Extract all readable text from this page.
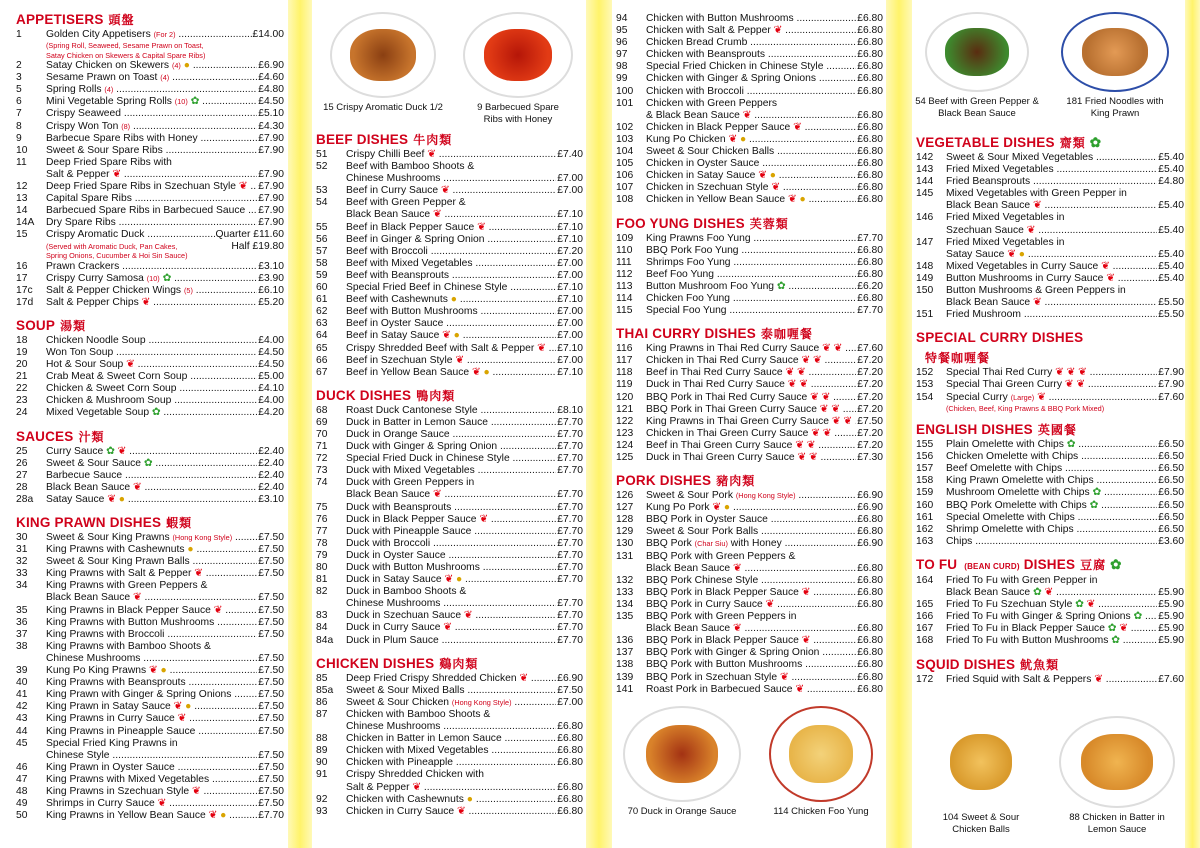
APPETISERS 頭盤
1	Golden City Appetisers (For 2) .....	£14.00
(Spring Roll, Seaweed, Sesame Prawn on Toast,
Satay Chicken on Skewers & Capital Spare Ribs)
2	Satay Chicken on Skewers (4) ● .....	£6.90
3	Sesame Prawn on Toast (4) .....	£4.60
5	Spring Rolls (4) .....	£4.80
6	Mini Vegetable Spring Rolls (10) ✿ .....	£4.50
7	Crispy Seaweed .....	£5.10
8	Crispy Won Ton (8) .....	£4.30
9	Barbecue Spare Ribs with Honey .....	£7.90
10	Sweet & Sour Spare Ribs .....	£7.90
11	Deep Fried Spare Ribs with
Salt & Pepper ❦ .....	£7.90
12	Deep Fried Spare Ribs in Szechuan Style ❦ .....	£7.90
13	Capital Spare Ribs .....	£7.90
14	Barbecued Spare Ribs in Barbecued Sauce .....	£7.90
14A	Dry Spare Ribs .....	£7.90
15	Crispy Aromatic Duck .....	Quarter £11.60
(Served with Aromatic Duck, Pan Cakes,	Half £19.80
Spring Onions, Cucumber & Hoi Sin Sauce)
16	Prawn Crackers .....	£3.10
17	Crispy Curry Samosa (10) ✿ .....	£3.90
17c	Salt & Pepper Chicken Wings (5) .....	£6.10
17d	Salt & Pepper Chips ❦ .....	£5.20
SOUP 湯類
18	Chicken Noodle Soup .....	£4.00
19	Won Ton Soup .....	£4.50
20	Hot & Sour Soup ❦ .....	£4.50
21	Crab Meat & Sweet Corn Soup .....	£5.00
22	Chicken & Sweet Corn Soup .....	£4.10
23	Chicken & Mushroom Soup .....	£4.00
24	Mixed Vegetable Soup ✿ .....	£4.20
SAUCES 汁類
25	Curry Sauce ✿ ❦ .....	£2.40
26	Sweet & Sour Sauce ✿ .....	£2.40
27	Barbecue Sauce .....	£2.40
28	Black Bean Sauce ❦ .....	£2.40
28a	Satay Sauce ❦ ● .....	£3.10
KING PRAWN DISHES 蝦類
30	Sweet & Sour King Prawns (Hong Kong Style) .....	£7.50
31	King Prawns with Cashewnuts ● .....	£7.50
32	Sweet & Sour King Prawn Balls .....	£7.50
33	King Prawns with Salt & Pepper ❦ .....	£7.50
34	King Prawns with Green Peppers &
Black Bean Sauce ❦ .....	£7.50
35	King Prawns in Black Pepper Sauce ❦ .....	£7.50
36	King Prawns with Button Mushrooms .....	£7.50
37	King Prawns with Broccoli .....	£7.50
38	King Prawns with Bamboo Shoots &
Chinese Mushrooms .....	£7.50
39	Kung Po King Prawns ❦ ● .....	£7.50
40	King Prawns with Beansprouts .....	£7.50
41	King Prawn with Ginger & Spring Onions .....	£7.50
42	King Prawn in Satay Sauce ❦ ● .....	£7.50
43	King Prawns in Curry Sauce ❦ .....	£7.50
44	King Prawns in Pineapple Sauce .....	£7.50
45	Special Fried King Prawns in
Chinese Style .....	£7.50
46	King Prawn in Oyster Sauce .....	£7.50
47	King Prawns with Mixed Vegetables .....	£7.50
48	King Prawns in Szechuan Style ❦ .....	£7.50
49	Shrimps in Curry Sauce ❦ .....	£7.50
50	King Prawns in Yellow Bean Sauce ❦ ● .....	£7.70
BEEF DISHES 牛肉類
51	Crispy Chilli Beef ❦ .....	£7.40
52	Beef with Bamboo Shoots &
Chinese Mushrooms .....	£7.00
53	Beef in Curry Sauce ❦ .....	£7.00
54	Beef with Green Pepper &
Black Bean Sauce ❦ .....	£7.10
55	Beef in Black Pepper Sauce ❦ .....	£7.10
56	Beef in Ginger & Spring Onion .....	£7.10
57	Beef with Broccoli .....	£7.20
58	Beef with Mixed Vegetables .....	£7.00
59	Beef with Beansprouts .....	£7.00
60	Special Fried Beef in Chinese Style .....	£7.10
61	Beef with Cashewnuts ● .....	£7.10
62	Beef with Button Mushrooms .....	£7.00
63	Beef in Oyster Sauce .....	£7.00
64	Beef in Satay Sauce ❦ ● .....	£7.00
65	Crispy Shredded Beef with Salt & Pepper ❦ .....	£7.10
66	Beef in Szechuan Style ❦ .....	£7.00
67	Beef in Yellow Bean Sauce ❦ ● .....	£7.10
DUCK DISHES 鴨肉類
68	Roast Duck Cantonese Style .....	£8.10
69	Duck in Batter in Lemon Sauce .....	£7.70
70	Duck in Orange Sauce .....	£7.70
71	Duck with Ginger & Spring Onion .....	£7.70
72	Special Fried Duck in Chinese Style .....	£7.70
73	Duck with Mixed Vegetables .....	£7.70
74	Duck with Green Peppers in
Black Bean Sauce ❦ .....	£7.70
75	Duck with Beansprouts .....	£7.70
76	Duck in Black Pepper Sauce ❦ .....	£7.70
77	Duck with Pineapple Sauce .....	£7.70
78	Duck with Broccoli .....	£7.70
79	Duck in Oyster Sauce .....	£7.70
80	Duck with Button Mushrooms .....	£7.70
81	Duck in Satay Sauce ❦ ● .....	£7.70
82	Duck in Bamboo Shoots &
Chinese Mushrooms .....	£7.70
83	Duck in Szechuan Sauce ❦ .....	£7.70
84	Duck in Curry Sauce ❦ .....	£7.70
84a	Duck in Plum Sauce .....	£7.70
CHICKEN DISHES 鷄肉類
85	Deep Fried Crispy Shredded Chicken ❦ .....	£6.90
85a	Sweet & Sour Mixed Balls .....	£7.50
86	Sweet & Sour Chicken (Hong Kong Style) .....	£7.00
87	Chicken with Bamboo Shoots &
Chinese Mushrooms .....	£6.80
88	Chicken in Batter in Lemon Sauce .....	£6.80
89	Chicken with Mixed Vegetables .....	£6.80
90	Chicken with Pineapple .....	£6.80
91	Crispy Shredded Chicken with
Salt & Pepper ❦ .....	£6.80
92	Chicken with Cashewnuts ● .....	£6.80
93	Chicken in Curry Sauce ❦ .....	£6.80
94	Chicken with Button Mushrooms .....	£6.80
95	Chicken with Salt & Pepper ❦ .....	£6.80
96	Chicken Bread Crumb .....	£6.80
97	Chicken with Beansprouts .....	£6.80
98	Special Fried Chicken in Chinese Style .....	£6.80
99	Chicken with Ginger & Spring Onions .....	£6.80
100	Chicken with Broccoli .....	£6.80
101	Chicken with Green Peppers
& Black Bean Sauce ❦ .....	£6.80
102	Chicken in Black Pepper Sauce ❦ .....	£6.80
103	Kung Po Chicken ❦ ● .....	£6.80
104	Sweet & Sour Chicken Balls .....	£6.80
105	Chicken in Oyster Sauce .....	£6.80
106	Chicken in Satay Sauce ❦ ● .....	£6.80
107	Chicken in Szechuan Style ❦ .....	£6.80
108	Chicken in Yellow Bean Sauce ❦ ● .....	£6.80
FOO YUNG DISHES 芙蓉類
109	King Prawns Foo Yung .....	£7.70
110	BBQ Pork Foo Yung .....	£6.80
111	Shrimps Foo Yung .....	£6.80
112	Beef Foo Yung .....	£6.80
113	Button Mushroom Foo Yung ✿ .....	£6.20
114	Chicken Foo Yung .....	£6.80
115	Special Foo Yung .....	£7.70
THAI CURRY DISHES 泰咖喱餐
116	King Prawns in Thai Red Curry Sauce ❦ ❦ .....	£7.60
117	Chicken in Thai Red Curry Sauce ❦ ❦ .....	£7.20
118	Beef in Thai Red Curry Sauce ❦ ❦ .....	£7.20
119	Duck in Thai Red Curry Sauce ❦ ❦ .....	£7.20
120	BBQ Pork in Thai Red Curry Sauce ❦ ❦ .....	£7.20
121	BBQ Pork in Thai Green Curry Sauce ❦ ❦ .....	£7.20
122	King Prawns in Thai Green Curry Sauce ❦ ❦ ..... £7.50
123	Chicken in Thai Green Curry Sauce ❦ ❦ .....	£7.20
124	Beef in Thai Green Curry Sauce ❦ ❦ .....	£7.20
125	Duck in Thai Green Curry Sauce ❦ ❦ .....	£7.30
PORK DISHES 豬肉類
126	Sweet & Sour Pork (Hong Kong Style) .....	£6.90
127	Kung Po Pork ❦ ● .....	£6.90
128	BBQ Pork in Oyster Sauce .....	£6.80
129	Sweet & Sour Pork Balls .....	£6.80
130	BBQ Pork (Char Siu) with Honey .....	£6.90
131	BBQ Pork with Green Peppers &
Black Bean Sauce ❦ .....	£6.80
132	BBQ Pork Chinese Style .....	£6.80
133	BBQ Pork in Black Pepper Sauce ❦ .....	£6.80
134	BBQ Pork in Curry Sauce ❦ .....	£6.80
135	BBQ Pork with Green Peppers in
Black Bean Sauce ❦ .....	£6.80
136	BBQ Pork in Black Pepper Sauce ❦ .....	£6.80
137	BBQ Pork with Ginger & Spring Onion .....	£6.80
138	BBQ Pork with Button Mushrooms .....	£6.80
139	BBQ Pork in Szechuan Style ❦ .....	£6.80
141	Roast Pork in Barbecued Sauce ❦ .....	£6.80
VEGETABLE DISHES 齋類 ✿
142	Sweet & Sour Mixed Vegetables .....	£5.40
143	Fried Mixed Vegetables .....	£5.40
144	Fried Beansprouts .....	£4.80
145	Mixed Vegetables with Green Pepper in
Black Bean Sauce ❦ .....	£5.40
146	Fried Mixed Vegetables in
Szechuan Sauce ❦ .....	£5.40
147	Fried Mixed Vegetables in
Satay Sauce ❦ ● .....	£5.40
148	Mixed Vegetables in Curry Sauce ❦ .....	£5.40
149	Button Mushrooms in Curry Sauce ❦ .....	£5.40
150	Button Mushrooms & Green Peppers in
Black Bean Sauce ❦ .....	£5.50
151	Fried Mushroom .....	£5.50
SPECIAL CURRY DISHES
特餐咖喱餐
152	Special Thai Red Curry ❦ ❦ ❦ .....	£7.90
153	Special Thai Green Curry ❦ ❦ .....	£7.90
154	Special Curry (Large) ❦ .....	£7.60
(Chicken, Beef, King Prawns & BBQ Pork Mixed)
ENGLISH DISHES 英國餐
155	Plain Omelette with Chips ✿ .....	£6.50
156	Chicken Omelette with Chips .....	£6.50
157	Beef Omelette with Chips .....	£6.50
158	King Prawn Omelette with Chips .....	£6.50
159	Mushroom Omelette with Chips ✿ .....	£6.50
160	BBQ Pork Omelette with Chips ✿ .....	£6.50
161	Special Omelette with Chips .....	£6.50
162	Shrimp Omelette with Chips .....	£6.50
163	Chips .....	£3.60
TO FU (BEAN CURD) DISHES 豆腐 ✿
164	Fried To Fu with Green Pepper in
Black Bean Sauce ✿ ❦ .....	£5.90
165	Fried To Fu Szechuan Style ✿ ❦ .....	£5.90
166	Fried To Fu with Ginger & Spring Onions ✿ .....	£5.90
167	Fried To Fu in Black Pepper Sauce ✿ ❦ .....	£5.90
168	Fried To Fu with Button Mushrooms ✿ .....	£5.90
SQUID DISHES 鱿魚類
172	Fried Squid with Salt & Peppers ❦ .....	£7.60
15 Crispy Aromatic Duck 1/2	9 Barbecued Spare Ribs with Honey
54 Beef with Green Pepper & Black Bean Sauce
181 Fried Noodles with King Prawn
70 Duck in Orange Sauce	114 Chicken Foo Yung
104 Sweet & Sour Chicken Balls
88 Chicken in Batter in Lemon Sauce
